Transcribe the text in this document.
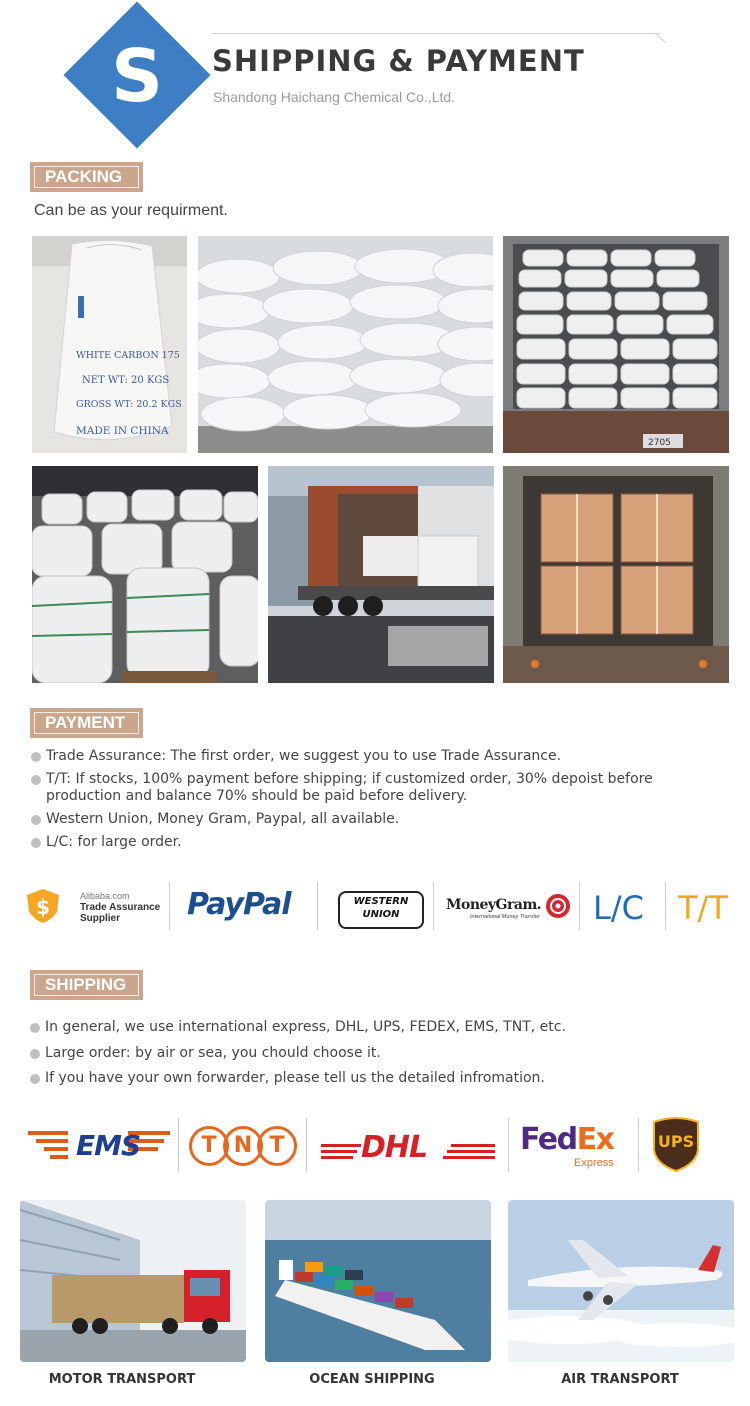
S	SHIPPING & PAYMENT
Shandong Haichang Chemical Co.,Ltd.
PACKING
Can be as your requirment.
WHITE CARBON 175
NET WT: 20 KGS
GROSS WT: 20.2 KGS
MADE IN CHINA
2705
PAYMENT
Trade Assurance: The first order, we suggest you to use Trade Assurance.
T/T: If stocks, 100% payment before shipping; if customized order, 30% depoist before
production and balance 70% should be paid before delivery.
Western Union, Money Gram, Paypal, all available.
L/C: for large order.
$	Alibaba.com
Trade Assurance
Supplier PayPal	WESTERN
UNION
MoneyGram.
International Money Transfer L/C T/T
SHIPPING
In general, we use international express, DHL, UPS, FEDEX, EMS, TNT, etc.
Large order: by air or sea, you chould choose it.
If you have your own forwarder, please tell us the detailed infromation.
EMS	T N T	DHL	FedEx
Express
UPS
MOTOR TRANSPORT	OCEAN SHIPPING	AIR TRANSPORT
